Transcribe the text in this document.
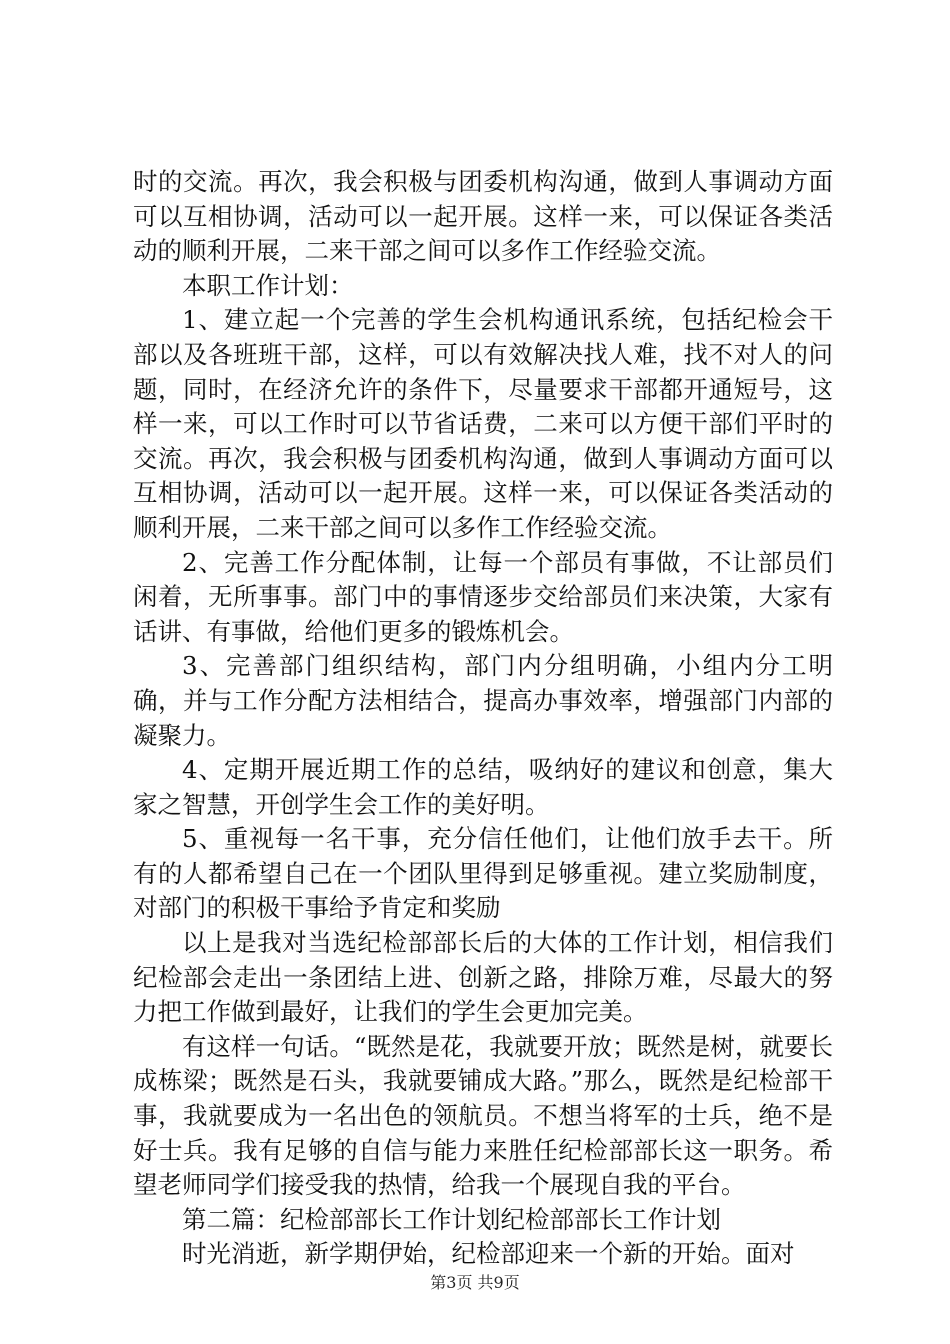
时的交流。再次，我会积极与团委机构沟通，做到人事调动方面可以互相协调，活动可以一起开展。这样一来，可以保证各类活动的顺利开展，二来干部之间可以多作工作经验交流。

本职工作计划：

1、建立起一个完善的学生会机构通讯系统，包括纪检会干部以及各班班干部，这样，可以有效解决找人难，找不对人的问题，同时，在经济允许的条件下，尽量要求干部都开通短号，这样一来，可以工作时可以节省话费，二来可以方便干部们平时的交流。再次，我会积极与团委机构沟通，做到人事调动方面可以互相协调，活动可以一起开展。这样一来，可以保证各类活动的顺利开展，二来干部之间可以多作工作经验交流。

2、完善工作分配体制，让每一个部员有事做，不让部员们闲着，无所事事。部门中的事情逐步交给部员们来决策，大家有话讲、有事做，给他们更多的锻炼机会。

3、完善部门组织结构，部门内分组明确，小组内分工明确，并与工作分配方法相结合，提高办事效率，增强部门内部的凝聚力。

4、定期开展近期工作的总结，吸纳好的建议和创意，集大家之智慧，开创学生会工作的美好明。

5、重视每一名干事，充分信任他们，让他们放手去干。所有的人都希望自己在一个团队里得到足够重视。建立奖励制度，对部门的积极干事给予肯定和奖励

以上是我对当选纪检部部长后的大体的工作计划，相信我们纪检部会走出一条团结上进、创新之路，排除万难，尽最大的努力把工作做到最好，让我们的学生会更加完美。

有这样一句话。“既然是花，我就要开放；既然是树，就要长成栋梁；既然是石头，我就要铺成大路。”那么，既然是纪检部干事，我就要成为一名出色的领航员。不想当将军的士兵，绝不是好士兵。我有足够的自信与能力来胜任纪检部部长这一职务。希望老师同学们接受我的热情，给我一个展现自我的平台。

第二篇：纪检部部长工作计划纪检部部长工作计划

时光消逝，新学期伊始，纪检部迎来一个新的开始。面对

第3页 共9页
